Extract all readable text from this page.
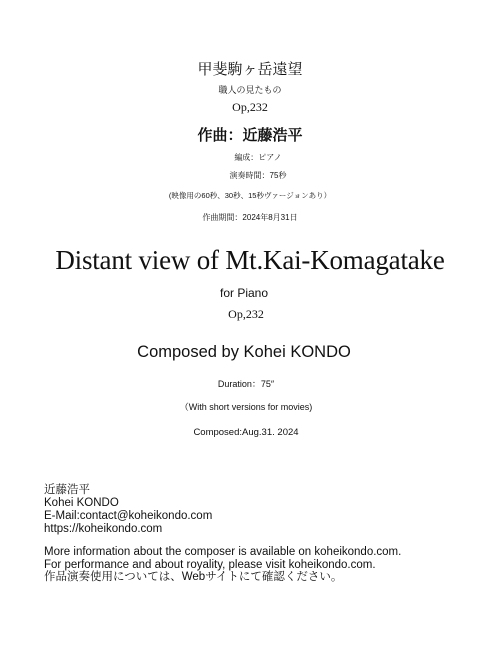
甲斐駒ヶ岳遠望
職人の見たもの
Op,232
作曲：近藤浩平
編成：ピアノ
演奏時間：75秒
(映像用の60秒、30秒、15秒ヴァージョンあり）
作曲期間：2024年8月31日
Distant view of Mt.Kai-Komagatake
for Piano
Op,232
Composed by Kohei KONDO
Duration：75″
（With short versions for movies)
Composed:Aug.31. 2024
近藤浩平
Kohei KONDO
E-Mail:contact@koheikondo.com
https://koheikondo.com
More information about the composer is available on koheikondo.com.
For performance and about royality, please visit koheikondo.com.
作品演奏使用については、Webサイトにて確認ください。
